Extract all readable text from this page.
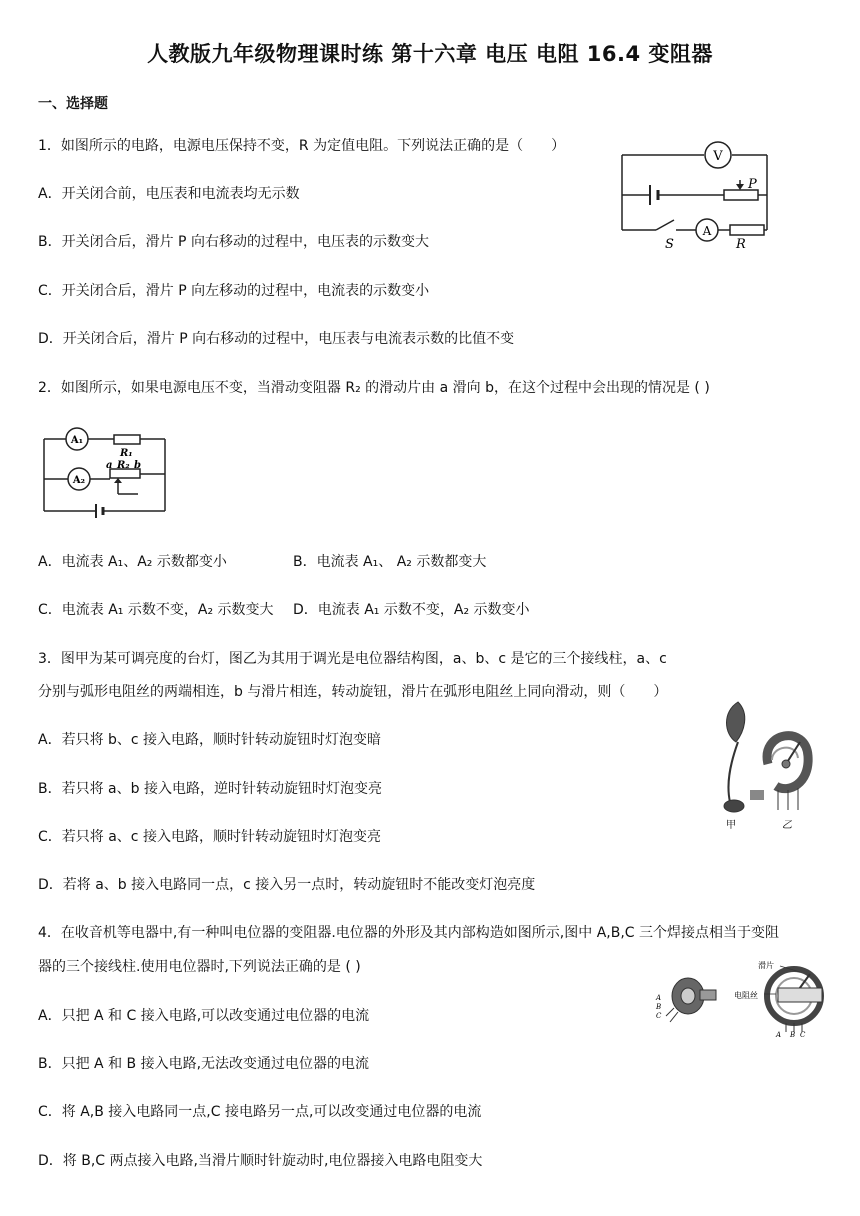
人教版九年级物理课时练 第十六章 电压 电阻 16.4 变阻器
一、选择题
1．如图所示的电路，电源电压保持不变，R 为定值电阻。下列说法正确的是（　　）
A．开关闭合前，电压表和电流表均无示数
B．开关闭合后，滑片 P 向右移动的过程中，电压表的示数变大
C．开关闭合后，滑片 P 向左移动的过程中，电流表的示数变小
D．开关闭合后，滑片 P 向右移动的过程中，电压表与电流表示数的比值不变
V
A
P
S	R
2．如图所示，如果电源电压不变，当滑动变阻器 R₂ 的滑动片由 a 滑向 b，在这个过程中会出现的情况是 ( )
A₁
A₂
R₁
a R₂ b
A．电流表 A₁、A₂ 示数都变小	B．电流表 A₁、 A₂ 示数都变大
C．电流表 A₁ 示数不变，A₂ 示数变大 D．电流表 A₁ 示数不变，A₂ 示数变小
3．图甲为某可调亮度的台灯，图乙为其用于调光是电位器结构图，a、b、c 是它的三个接线柱，a、c
分别与弧形电阻丝的两端相连，b 与滑片相连，转动旋钮，滑片在弧形电阻丝上同向滑动，则（　　）
A．若只将 b、c 接入电路，顺时针转动旋钮时灯泡变暗
B．若只将 a、b 接入电路，逆时针转动旋钮时灯泡变亮
C．若只将 a、c 接入电路，顺时针转动旋钮时灯泡变亮
D．若将 a、b 接入电路同一点，c 接入另一点时，转动旋钮时不能改变灯泡亮度
甲	乙
4．在收音机等电器中,有一种叫电位器的变阻器.电位器的外形及其内部构造如图所示,图中 A,B,C 三个焊接点相当于变阻
器的三个接线柱.使用电位器时,下列说法正确的是 ( )
A．只把 A 和 C 接入电路,可以改变通过电位器的电流
B．只把 A 和 B 接入电路,无法改变通过电位器的电流
C．将 A,B 接入电路同一点,C 接电路另一点,可以改变通过电位器的电流
D．将 B,C 两点接入电路,当滑片顺时针旋动时,电位器接入电路电阻变大
滑片
电阻丝
A
B
C
A B C
